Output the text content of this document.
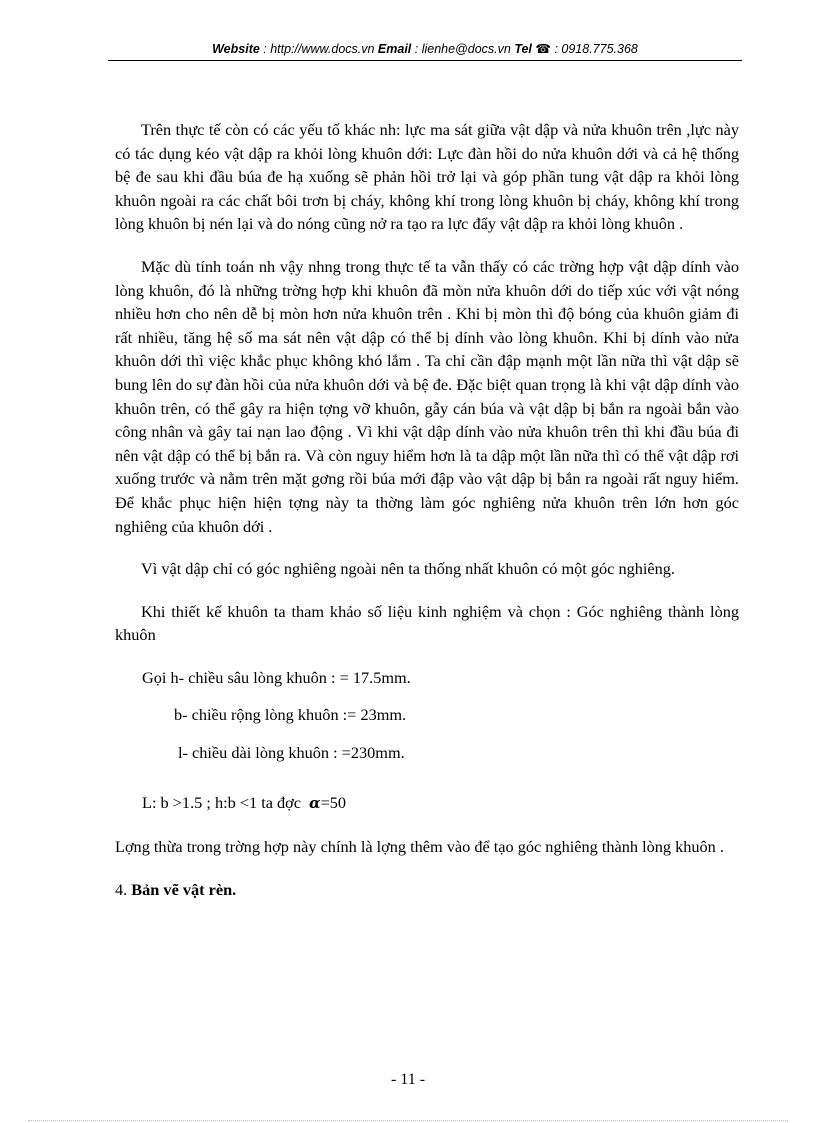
Website : http://www.docs.vn Email : lienhe@docs.vn Tel ☎ : 0918.775.368

Trên thực tế còn có các yếu tố khác nh: lực ma sát giữa vật dập và nửa khuôn trên ,lực này có tác dụng kéo vật dập ra khỏi lòng khuôn dới: Lực đàn hồi do nửa khuôn dới và cả hệ thống bệ đe sau khi đầu búa đe hạ xuống sẽ phản hồi trở lại và góp phần tung vật dập ra khỏi lòng khuôn ngoài ra các chất bôi trơn bị cháy, không khí trong lòng khuôn bị cháy, không khí trong lòng khuôn bị nén lại và do nóng cũng nở ra tạo ra lực đẩy vật dập ra khỏi lòng khuôn .

Mặc dù tính toán nh vậy nhng trong thực tế ta vẫn thấy có các trờng hợp vật dập dính vào lòng khuôn, đó là những trờng hợp khi khuôn đã mòn nửa khuôn dới do tiếp xúc với vật nóng nhiều hơn cho nên dễ bị mòn hơn nửa khuôn trên . Khi bị mòn thì độ bóng của khuôn giảm đi rất nhiều, tăng hệ số ma sát nên vật dập có thể bị dính vào lòng khuôn. Khi bị dính vào nửa khuôn dới thì việc khắc phục không khó lắm . Ta chỉ cần đập mạnh một lần nữa thì vật dập sẽ bung lên do sự đàn hồi của nửa khuôn dới và bệ đe. Đặc biệt quan trọng là khi vật dập dính vào khuôn trên, có thể gây ra hiện tợng vỡ khuôn, gẫy cán búa và vật dập bị bắn ra ngoài bắn vào công nhân và gây tai nạn lao động . Vì khi vật dập dính vào nửa khuôn trên thì khi đầu búa đi nên vật dập có thể bị bắn ra. Và còn nguy hiểm hơn là ta dập một lần nữa thì có thể vật dập rơi xuống trước và nằm trên mặt gơng rồi búa mới đập vào vật dập bị bắn ra ngoài rất nguy hiểm. Để khắc phục hiện hiện tợng này ta thờng làm góc nghiêng nửa khuôn trên lớn hơn góc nghiêng của khuôn dới .

Vì vật dập chỉ có góc nghiêng ngoài nên ta thống nhất khuôn có một góc nghiêng.

Khi thiết kế khuôn ta tham khảo số liệu kinh nghiệm và chọn : Góc nghiêng thành lòng khuôn

Gọi h- chiều sâu lòng khuôn : = 17.5mm.

b- chiều rộng lòng khuôn := 23mm.

l- chiều dài lòng khuôn : =230mm.

L: b >1.5 ; h:b <1 ta đợc α=50

Lợng thừa trong trờng hợp này chính là lợng thêm vào để tạo góc nghiêng thành lòng khuôn .

4. Bản vẽ vật rèn.

- 11 -
